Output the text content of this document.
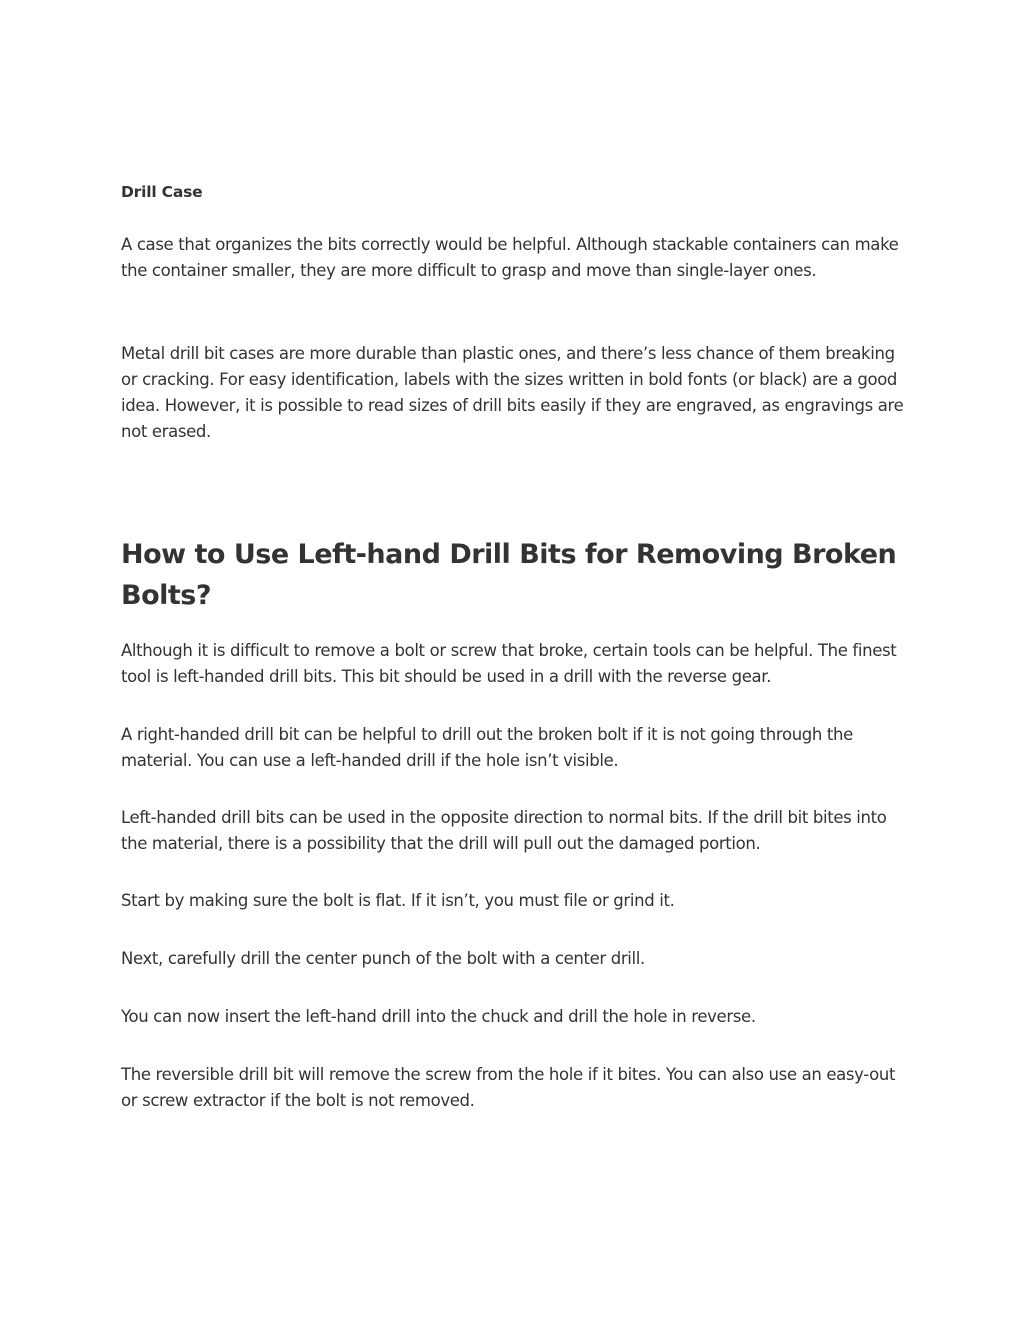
Drill Case

A case that organizes the bits correctly would be helpful. Although stackable containers can make the container smaller, they are more difficult to grasp and move than single-layer ones.

Metal drill bit cases are more durable than plastic ones, and there’s less chance of them breaking or cracking. For easy identification, labels with the sizes written in bold fonts (or black) are a good idea. However, it is possible to read sizes of drill bits easily if they are engraved, as engravings are not erased.

How to Use Left-hand Drill Bits for Removing Broken Bolts?

Although it is difficult to remove a bolt or screw that broke, certain tools can be helpful. The finest tool is left-handed drill bits. This bit should be used in a drill with the reverse gear.

A right-handed drill bit can be helpful to drill out the broken bolt if it is not going through the material. You can use a left-handed drill if the hole isn’t visible.

Left-handed drill bits can be used in the opposite direction to normal bits. If the drill bit bites into the material, there is a possibility that the drill will pull out the damaged portion.

Start by making sure the bolt is flat. If it isn’t, you must file or grind it.

Next, carefully drill the center punch of the bolt with a center drill.

You can now insert the left-hand drill into the chuck and drill the hole in reverse.

The reversible drill bit will remove the screw from the hole if it bites. You can also use an easy-out or screw extractor if the bolt is not removed.
